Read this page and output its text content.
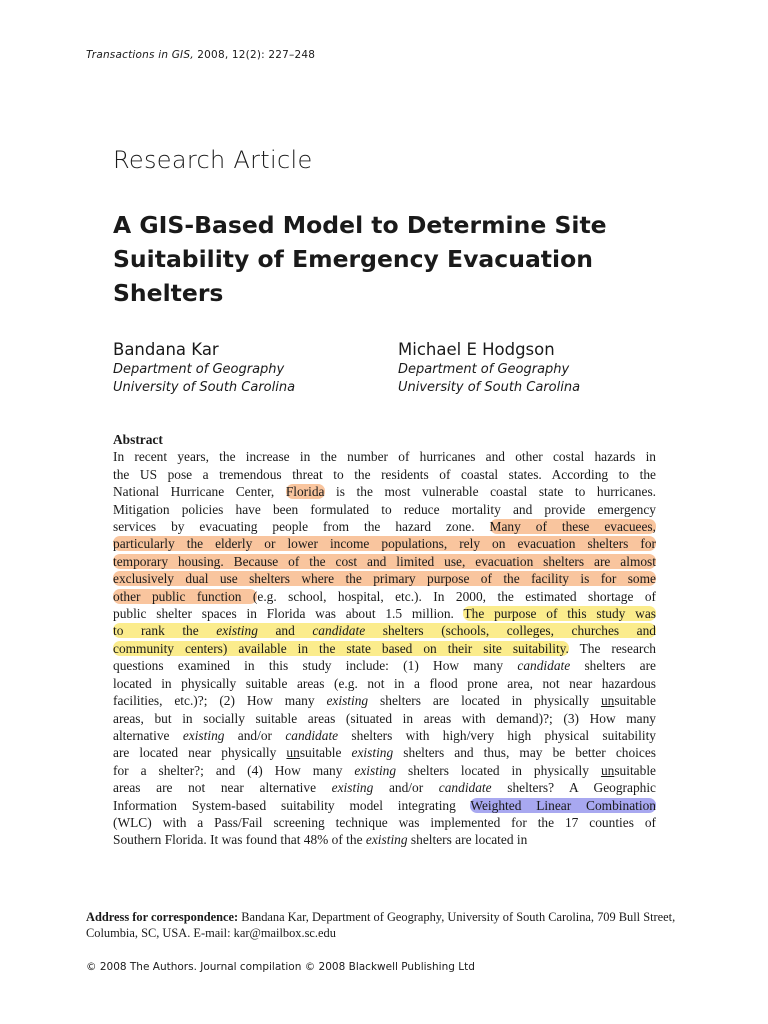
Transactions in GIS, 2008, 12(2): 227–248
Research Article
A GIS-Based Model to Determine Site
Suitability of Emergency Evacuation
Shelters
Bandana Kar
Department of Geography
University of South Carolina
Michael E Hodgson
Department of Geography
University of South Carolina
Abstract
In recent years, the increase in the number of hurricanes and other costal hazards in
the US pose a tremendous threat to the residents of coastal states. According to the
National Hurricane Center, Florida is the most vulnerable coastal state to hurricanes.
Mitigation policies have been formulated to reduce mortality and provide emergency
services by evacuating people from the hazard zone. Many of these evacuees,
particularly the elderly or lower income populations, rely on evacuation shelters for
temporary housing. Because of the cost and limited use, evacuation shelters are almost
exclusively dual use shelters where the primary purpose of the facility is for some
other public function (e.g. school, hospital, etc.). In 2000, the estimated shortage of
public shelter spaces in Florida was about 1.5 million. The purpose of this study was
to rank the existing and candidate shelters (schools, colleges, churches and
community centers) available in the state based on their site suitability. The research
questions examined in this study include: (1) How many candidate shelters are
located in physically suitable areas (e.g. not in a flood prone area, not near hazardous
facilities, etc.)?; (2) How many existing shelters are located in physically unsuitable
areas, but in socially suitable areas (situated in areas with demand)?; (3) How many
alternative existing and/or candidate shelters with high/very high physical suitability
are located near physically unsuitable existing shelters and thus, may be better choices
for a shelter?; and (4) How many existing shelters located in physically unsuitable
areas are not near alternative existing and/or candidate shelters? A Geographic
Information System-based suitability model integrating Weighted Linear Combination
(WLC) with a Pass/Fail screening technique was implemented for the 17 counties of
Southern Florida. It was found that 48% of the existing shelters are located in
Address for correspondence: Bandana Kar, Department of Geography, University of South Carolina, 709 Bull Street, Columbia, SC, USA. E-mail: kar@mailbox.sc.edu
© 2008 The Authors. Journal compilation © 2008 Blackwell Publishing Ltd
